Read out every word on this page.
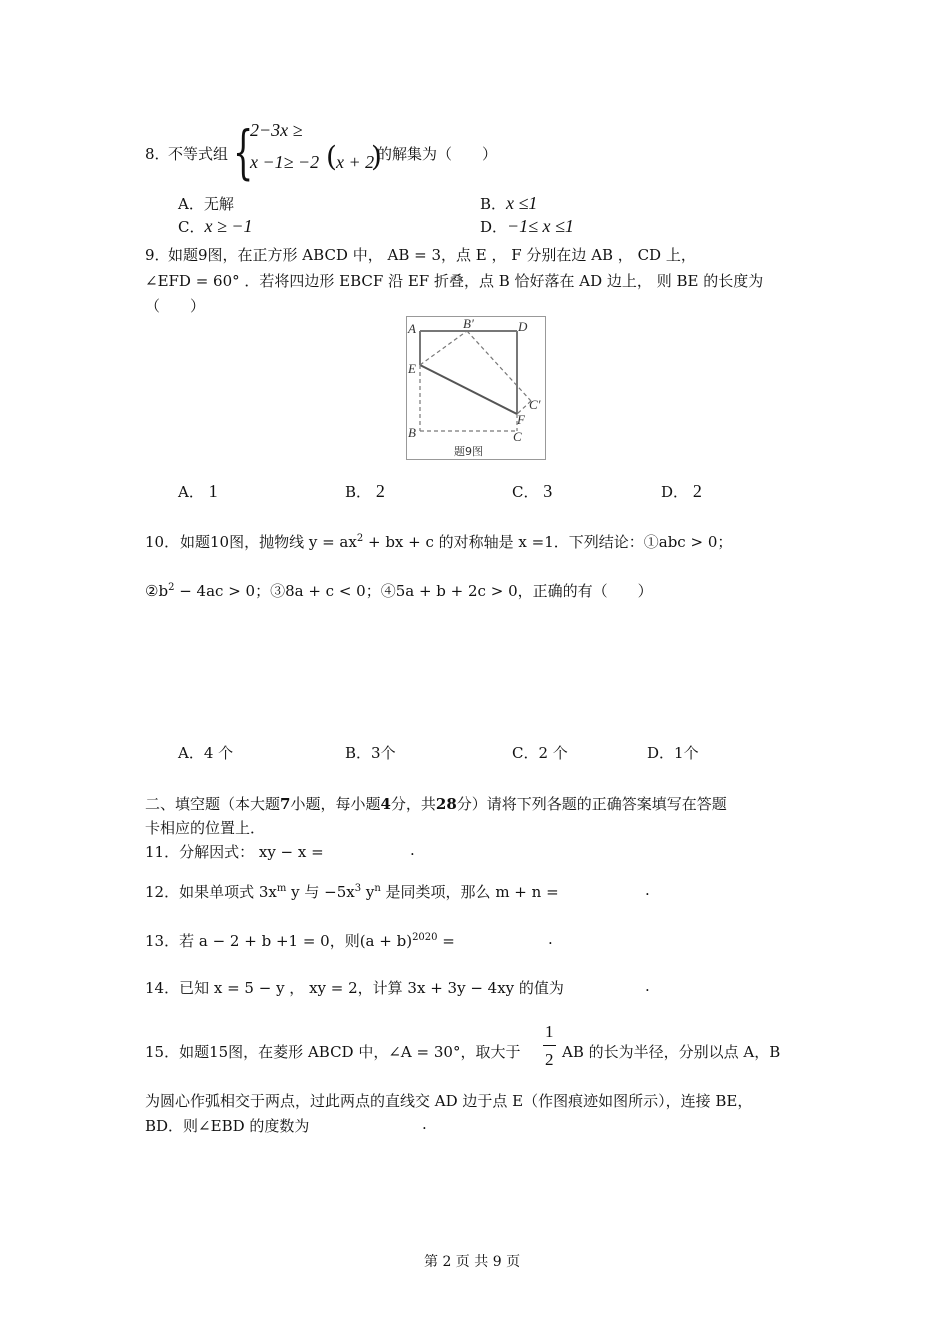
8．
不等式组 {
2−3x ≥
x −1≥ −2 ( x + 2
)
的解集为（　　）
A．无解	B．x ≤1
C．x ≥ −1	D．−1≤ x ≤1
9．
如题9图，在正方形 ABCD 中， AB = 3，点 E ， F 分别在边 AB ， CD 上，
∠EFD = 60° ．若将四边形 EBCF 沿 EF 折叠，点 B 恰好落在 AD 边上， 则 BE 的长度为
（　　）
A	B′	D
E
C′
F
B	C
题9图
A． 1	B． 2	C． 3	D． 2
10． 如题10图，抛物线 $y = ax^2$ + bx + c 的对称轴是 x =1．下列结论：①abc > 0；
$②b^2 - 4ac > 0$；③8a + c < 0；④5a + b + 2c > 0，正确的有（　　）
A．4 个	B．3个	C．2 个	D．1个
二、填空题（本大题7小题，每小题4分，共28分）请将下列各题的正确答案填写在答题
卡相应的位置上．
11．分解因式： xy − x =	.
12．如果单项式 $3x^m$ y 与 $-5x^3$ $y^n$ 是同类项，那么 m + n =	.
13．若 a − 2 + b +1 = 0，则$(a + b)^{2020}$ =	.
14．已知 x = 5 − y ， xy = 2，计算 3x + 3y − 4xy 的值为	.
15．如题15图，在菱形 ABCD 中，∠A = 30°，取大于
1
2 AB 的长为半径，分别以点 A，B
为圆心作弧相交于两点，过此两点的直线交 AD 边于点 E（作图痕迹如图所示），连接 BE，
BD．则∠EBD 的度数为	.
第 2 页 共 9 页
